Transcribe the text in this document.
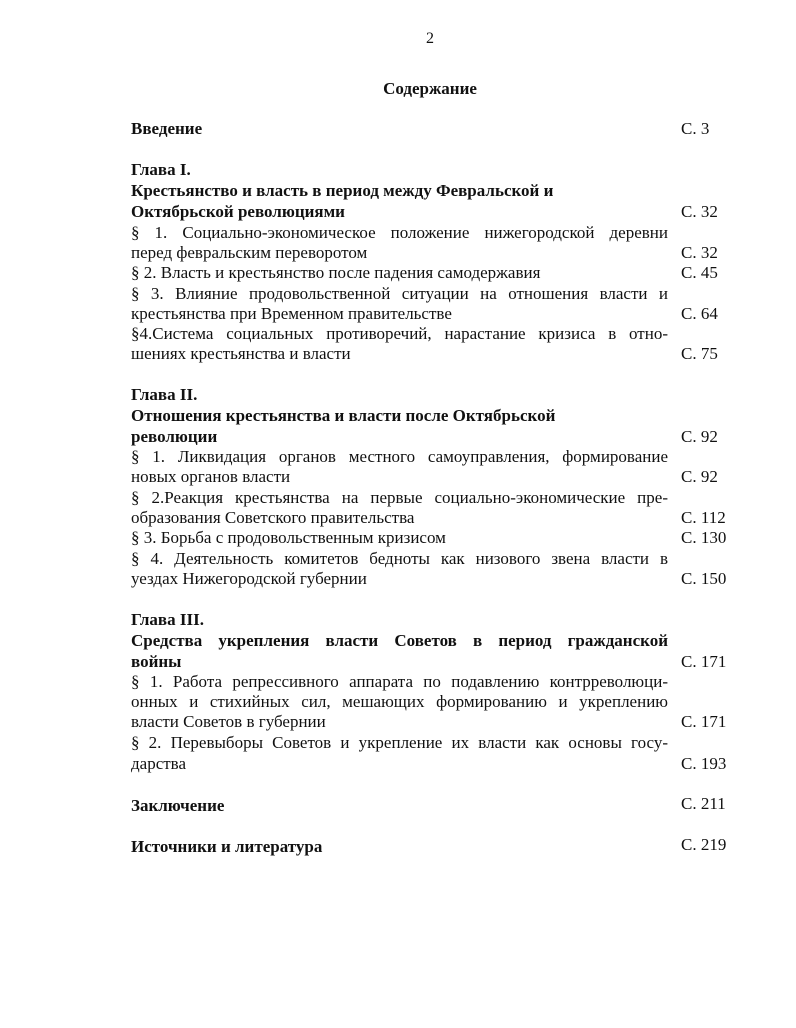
2
Содержание
Введение	С. 3
Глава I.
Крестьянство и власть в период между Февральской и
Октябрьской революциями	С. 32
§ 1. Социально-экономическое положение нижегородской деревни
перед февральским переворотом	С. 32
§ 2. Власть и крестьянство после падения самодержавия	С. 45
§ 3. Влияние продовольственной ситуации на отношения власти и
крестьянства при Временном правительстве	С. 64
§4.Система социальных противоречий, нарастание кризиса в отно-
шениях крестьянства и власти	С. 75
Глава II.
Отношения крестьянства и власти после Октябрьской
революции	С. 92
§ 1. Ликвидация органов местного самоуправления, формирование
новых органов власти	С. 92
§ 2.Реакция крестьянства на первые социально-экономические пре-
образования Советского правительства	С. 112
§ 3. Борьба с продовольственным кризисом	С. 130
§ 4. Деятельность комитетов бедноты как низового звена власти в
уездах Нижегородской губернии	С. 150
Глава III.
Средства укрепления власти Советов в период гражданской
войны	С. 171
§ 1. Работа репрессивного аппарата по подавлению контрреволюци-
онных и стихийных сил, мешающих формированию и укреплению
власти Советов в губернии	С. 171
§ 2. Перевыборы Советов и укрепление их власти как основы госу-
дарства	С. 193
Заключение	С. 211
Источники и литература	С. 219
